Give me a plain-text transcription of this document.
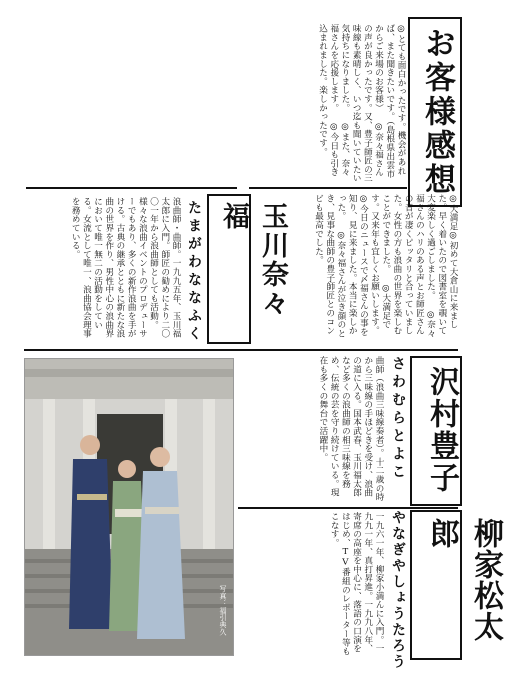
◎とても面白かったです。機会があれば、また聞きたいです。（島根県出雲市からご来場のお客様） ◎奈々福さんの声が良かったです。又、豊子師匠の三味線も素晴しく、いつ迄も聞いていたい気持ちになりました。 ◎また、奈々福さんを応援します。 ◎今日も引き込まれました。楽しかったです。	お客様感想
玉川奈々福
たまがわななふく
浪曲師・曲師。一九九五年、玉川福太郎に入門。師匠の勧めにより二〇〇一年から浪曲師としても活動。様々な浪曲イベントのプロデューサーでもあり、多くの新作浪曲を手がける。古典の継承とともに新たな浪曲の世界を作り、男性中心の浪曲界において唯一無二の活動をしている。女流として唯一、浪曲協会理事を務めている。	◎大満足◎初めて大倉山に来ました。早く着いたので図書室を覗いて大変楽しく過ごしました。 ◎奈々福さんのハリのある声とお師匠さんの音が凄くピッタリと合っていました。女性の方も浪曲の世界を楽しむことができました。 ◎大満足です。又来年も宜しくお願いします。 ◎今日のニュースで〆福さんの事を知り、見に来ました。本当に楽しかった。 ◎奈々福さんが泣き顔のとき、見事な曲師の豊子師匠とのコンビも最高でした。
写真：福引典久
沢村豊子
さわむらとよこ
曲師（浪曲三味線奏者）。十二歳の時から三味線の手ほどきを受け、浪曲の道に入る。国本武春、玉川福太郎など多くの浪曲師の相三味線を務め、伝統の芸を守り続けている。現在も多くの舞台で活躍中。
柳家松太郎
やなぎやしょうたろう
一九六一年、柳家小満んに入門。一九九一年、真打昇進。一九九八年、寄席の高座を中心に、落語の口演をはじめ、TV番組のレポーター等もこなす。
